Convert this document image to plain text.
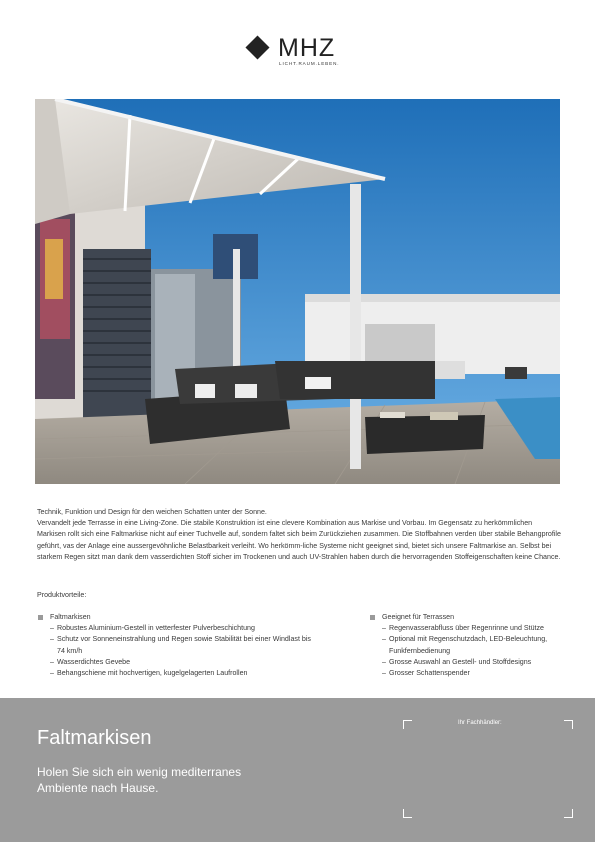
MHZ
LICHT.RAUM.LEBEN.

Technik, Funktion und Design für den weichen Schatten unter der Sonne.

Vervandelt jede Terrasse in eine Living-Zone. Die stabile Konstruktion ist eine clevere Kombination aus Markise und Vorbau. Im Gegensatz zu herkömmlichen Markisen rollt sich eine Faltmarkise nicht auf einer Tuchvelle auf, sondern faltet sich beim Zurückziehen zusammen. Die Stoffbahnen verden über stabile Behangprofile geführt, vas der Anlage eine aussergevöhnliche Belastbarkeit verleiht. Wo herkömm-liche Systeme nicht geeignet sind, bietet sich unsere Faltmarkise an. Selbst bei starkem Regen sitzt man dank dem vasserdichten Stoff sicher im Trockenen und auch UV-Strahlen haben durch die hervorragenden Stoffeigenschaften keine Chance.

Produktvorteile:
Faltmarkisen
– Robustes Aluminium-Gestell in vetterfester Pulverbeschichtung
– Schutz vor Sonneneinstrahlung und Regen sowie Stabilität bei einer Windlast bis 74 km/h
– Wasserdichtes Gevebe
– Behangschiene mit hochvertigen, kugelgelagerten Laufrollen
Geeignet für Terrassen
– Regenvasserabfluss über Regenrinne und Stütze
– Optional mit Regenschutzdach, LED-Beleuchtung, Funkfernbedienung
– Grosse Auswahl an Gestell- und Stoffdesigns
– Grosser Schattenspender
Faltmarkisen
Holen Sie sich ein wenig mediterranes Ambiente nach Hause.
Ihr Fachhändler:
